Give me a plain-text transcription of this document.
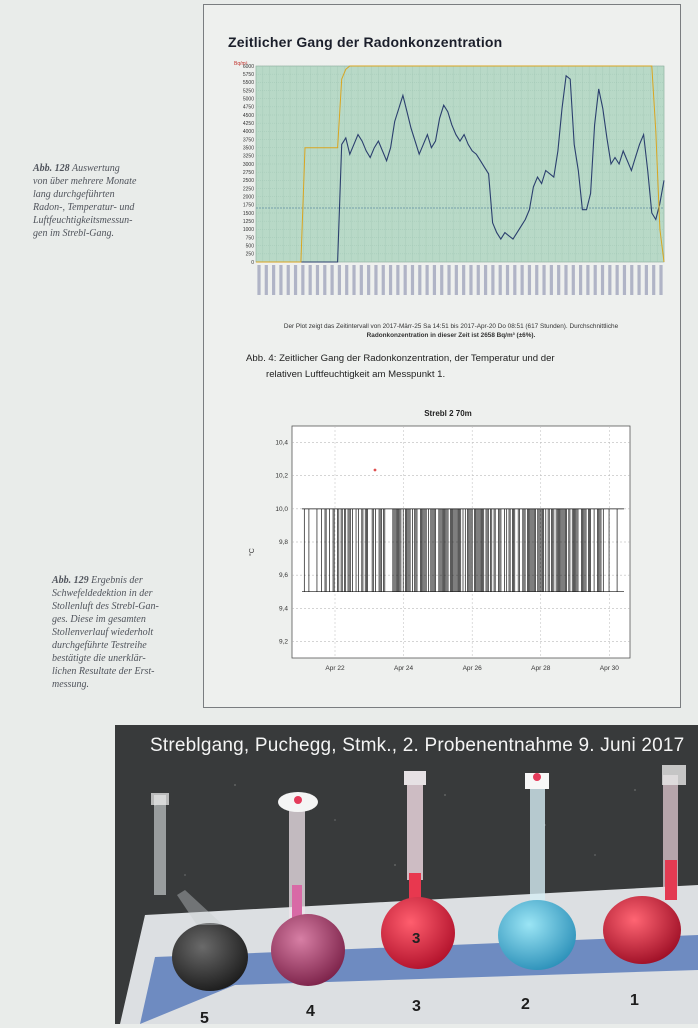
Abb. 128 Auswertung
von über mehrere Monate
lang durchgeführten
Radon-, Temperatur- und
Luftfeuchtigkeitsmessun-
gen im Strebl-Gang.
Abb. 129 Ergebnis der
Schwefeldedektion in der
Stollenluft des Strebl-Gan-
ges. Diese im gesamten
Stollenverlauf wiederholt
durchgeführte Testreihe
bestätigte die unerklär-
lichen Resultate der Erst-
messung.
Zeitlicher Gang der Radonkonzentration
0
250
500
750
1000
1250
1500
1750
2000
2250
2500
2750
3000
3250
3500
3750
4000
4250
4500
4750
5000
5250
5500
5750
6000
Bq/m³
Der Plot zeigt das Zeitintervall von 2017-Märr-25 Sa 14:51 bis 2017-Apr-20 Do 08:51 (617 Stunden). Durchschnittliche
Radonkonzentration in dieser Zeit ist 2658 Bq/m³ (±6%).
Abb. 4: Zeitlicher Gang der Radonkonzentration, der Temperatur und der
relativen Luftfeuchtigkeit am Messpunkt 1.
Strebl 2 70m
9,2
9,4
9,6
9,8
10,0
10,2
10,4
Apr 22	Apr 24	Apr 26	Apr 28	Apr 30
°C
3
Streblgang, Puchegg, Stmk., 2. Probenentnahme 9. Juni 2017
5	4	3	2	1
